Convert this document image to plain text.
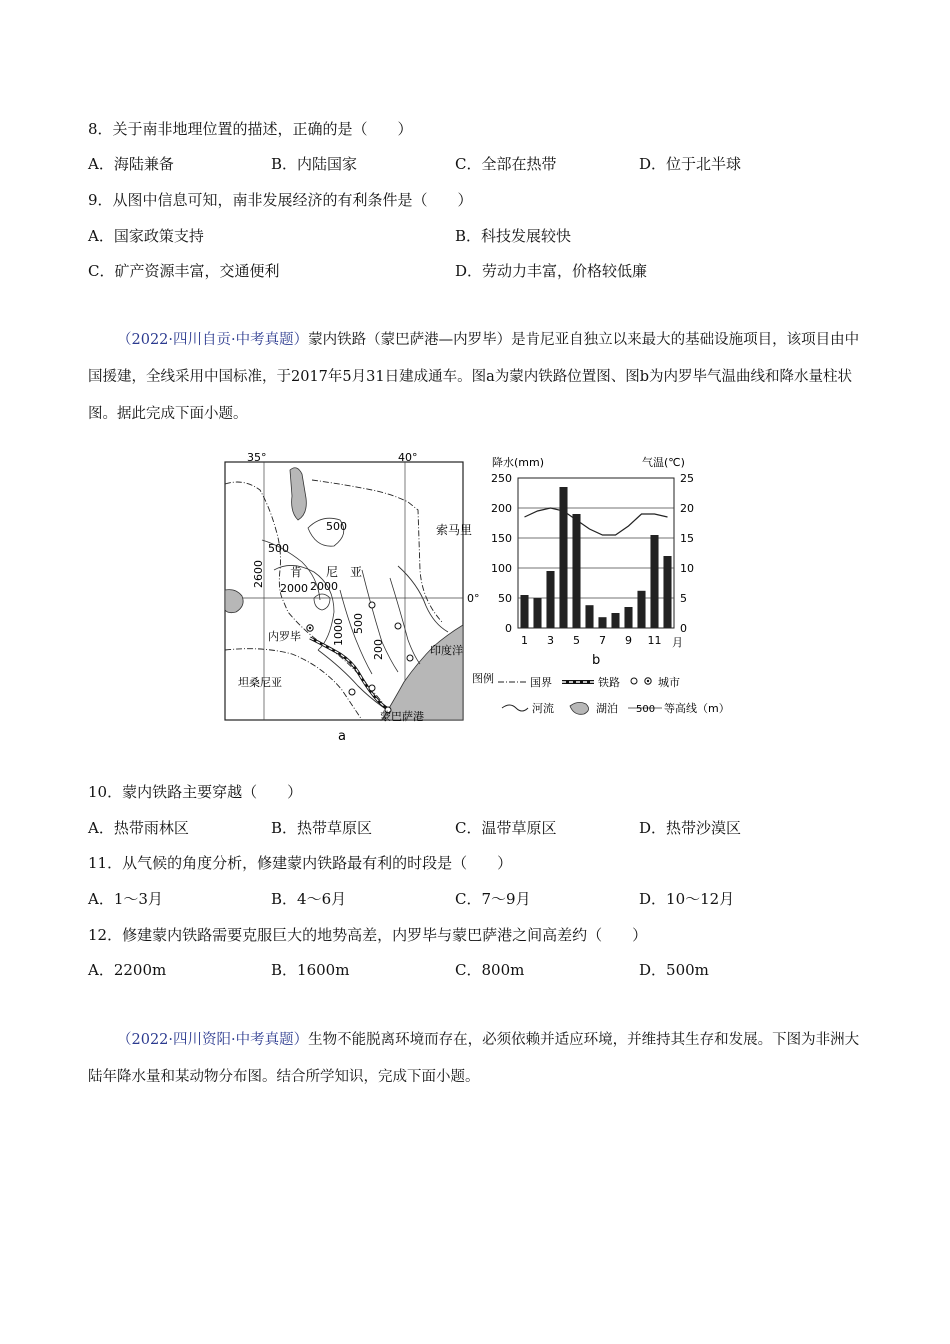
8．关于南非地理位置的描述，正确的是（　　）
A．海陆兼备	B．内陆国家	C．全部在热带	D．位于北半球
9．从图中信息可知，南非发展经济的有利条件是（　　）
A．国家政策支持	B．科技发展较快
C．矿产资源丰富，交通便利	D．劳动力丰富，价格较低廉
（2022·四川自贡·中考真题）蒙内铁路（蒙巴萨港—内罗毕）是肯尼亚自独立以来最大的基础设施项目，该项目由中国援建，全线采用中国标准，于2017年5月31日建成通车。图a为蒙内铁路位置图、图b为内罗毕气温曲线和降水量柱状图。据此完成下面小题。
35°	40°
0°
500
500
2000 2000
2600
1000 500
200
肯 尼 亚
索马里
内罗毕
坦桑尼亚
印度洋
蒙巴萨港
a
降水(mm)	气温(℃)
0
50
100
150
200
250
0
5
10
15
20
25
1 3 5 7 9 11 月
b
图例	国界	铁路	城市
河流	湖泊 500 等高线（m）
10．蒙内铁路主要穿越（　　）
A．热带雨林区	B．热带草原区	C．温带草原区	D．热带沙漠区
11．从气候的角度分析，修建蒙内铁路最有利的时段是（　　）
A．1～3月	B．4～6月	C．7～9月	D．10～12月
12．修建蒙内铁路需要克服巨大的地势高差，内罗毕与蒙巴萨港之间高差约（　　）
A．2200m	B．1600m	C．800m	D．500m
（2022·四川资阳·中考真题）生物不能脱离环境而存在，必须依赖并适应环境，并维持其生存和发展。下图为非洲大陆年降水量和某动物分布图。结合所学知识，完成下面小题。
